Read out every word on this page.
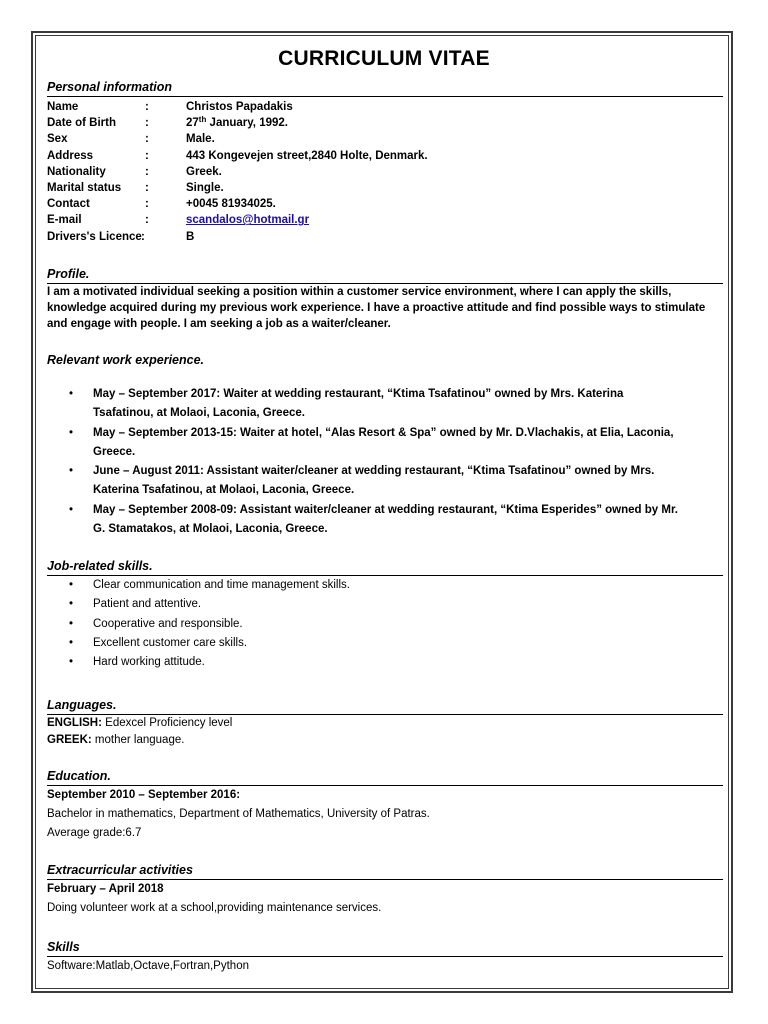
CURRICULUM VITAE
Personal information
Name	:	Christos Papadakis
Date of Birth	:	27th January, 1992.
Sex	:	Male.
Address	:	443 Kongevejen street,2840 Holte, Denmark.
Nationality	:	Greek.
Marital status :	Single.
Contact	:	+0045 81934025.
E-mail	:	scandalos@hotmail.gr
Drivers's Licence :	B
Profile.

I am a motivated individual seeking a position within a customer service environment, where I can apply the skills, knowledge acquired during my previous work experience. I have a proactive attitude and find possible ways to stimulate and engage with people. I am seeking a job as a waiter/cleaner.

Relevant work experience.
• May – September 2017: Waiter at wedding restaurant, “Ktima Tsafatinou” owned by Mrs. Katerina Tsafatinou, at Molaoi, Laconia, Greece.
• May – September 2013-15: Waiter at hotel, “Alas Resort & Spa” owned by Mr. D.Vlachakis, at Elia, Laconia, Greece.
• June – August 2011: Assistant waiter/cleaner at wedding restaurant, “Ktima Tsafatinou” owned by Mrs. Katerina Tsafatinou, at Molaoi, Laconia, Greece.
• May – September 2008-09: Assistant waiter/cleaner at wedding restaurant, “Ktima Esperides” owned by Mr. G. Stamatakos, at Molaoi, Laconia, Greece.
Job-related skills.
• Clear communication and time management skills.
• Patient and attentive.
• Cooperative and responsible.
• Excellent customer care skills.
• Hard working attitude.
Languages.
ENGLISH: Edexcel Proficiency level
GREEK: mother language.
Education.
September 2010 – September 2016:
Bachelor in mathematics, Department of Mathematics, University of Patras.
Average grade:6.7
Extracurricular activities
February – April 2018
Doing volunteer work at a school,providing maintenance services.
Skills
Software:Matlab,Octave,Fortran,Python
